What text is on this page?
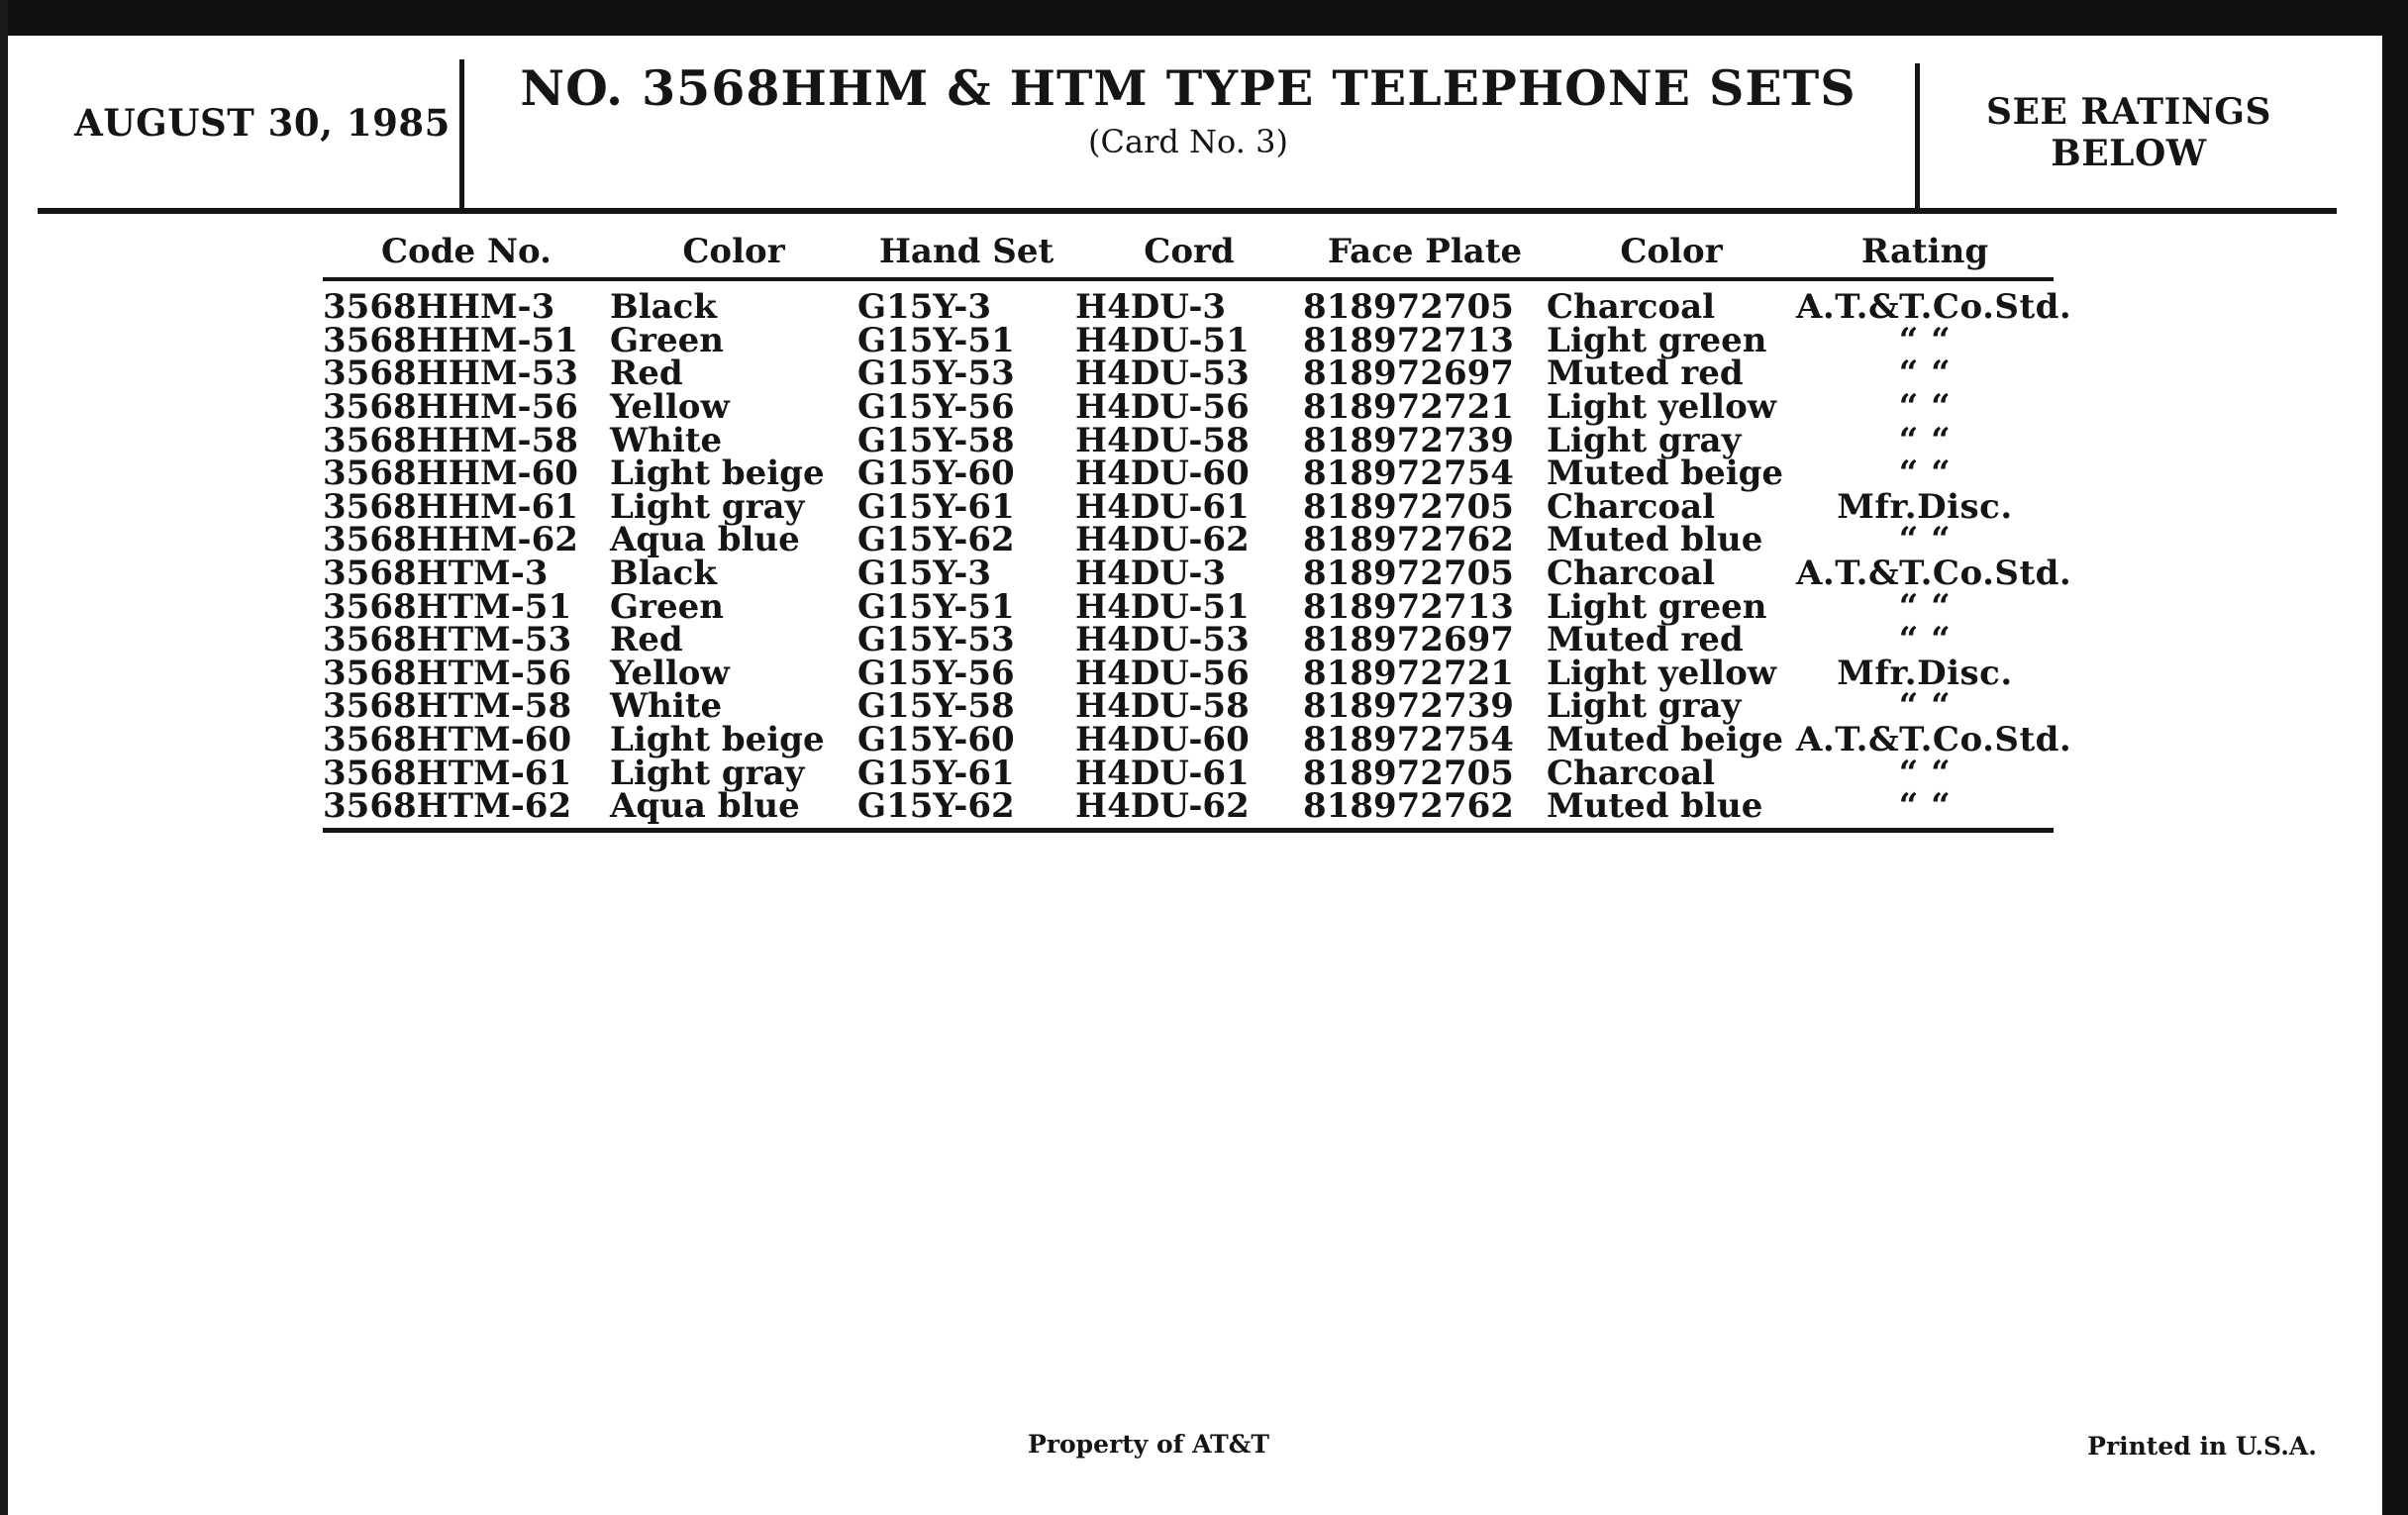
AUGUST 30, 1985
NO. 3568HHM & HTM TYPE TELEPHONE SETS
(Card No. 3)
SEE RATINGS
BELOW
Code No.	Color	Hand Set	Cord	Face Plate	Color	Rating
3568HHM-3	Black	G15Y-3	H4DU-3	818972705	Charcoal	A.T.&T.Co.Std.
3568HHM-51	Green	G15Y-51	H4DU-51	818972713	Light green	“ “
3568HHM-53	Red	G15Y-53	H4DU-53	818972697	Muted red	“ “
3568HHM-56	Yellow	G15Y-56	H4DU-56	818972721	Light yellow	“ “
3568HHM-58	White	G15Y-58	H4DU-58	818972739	Light gray	“ “
3568HHM-60	Light beige	G15Y-60	H4DU-60	818972754	Muted beige	“ “
3568HHM-61	Light gray	G15Y-61	H4DU-61	818972705	Charcoal	Mfr.Disc.
3568HHM-62	Aqua blue	G15Y-62	H4DU-62	818972762	Muted blue	“ “
3568HTM-3	Black	G15Y-3	H4DU-3	818972705	Charcoal	A.T.&T.Co.Std.
3568HTM-51	Green	G15Y-51	H4DU-51	818972713	Light green	“ “
3568HTM-53	Red	G15Y-53	H4DU-53	818972697	Muted red	“ “
3568HTM-56	Yellow	G15Y-56	H4DU-56	818972721	Light yellow	Mfr.Disc.
3568HTM-58	White	G15Y-58	H4DU-58	818972739	Light gray	“ “
3568HTM-60	Light beige	G15Y-60	H4DU-60	818972754	Muted beige	A.T.&T.Co.Std.
3568HTM-61	Light gray	G15Y-61	H4DU-61	818972705	Charcoal	“ “
3568HTM-62	Aqua blue	G15Y-62	H4DU-62	818972762	Muted blue	“ “
Property of AT&T	Printed in U.S.A.
